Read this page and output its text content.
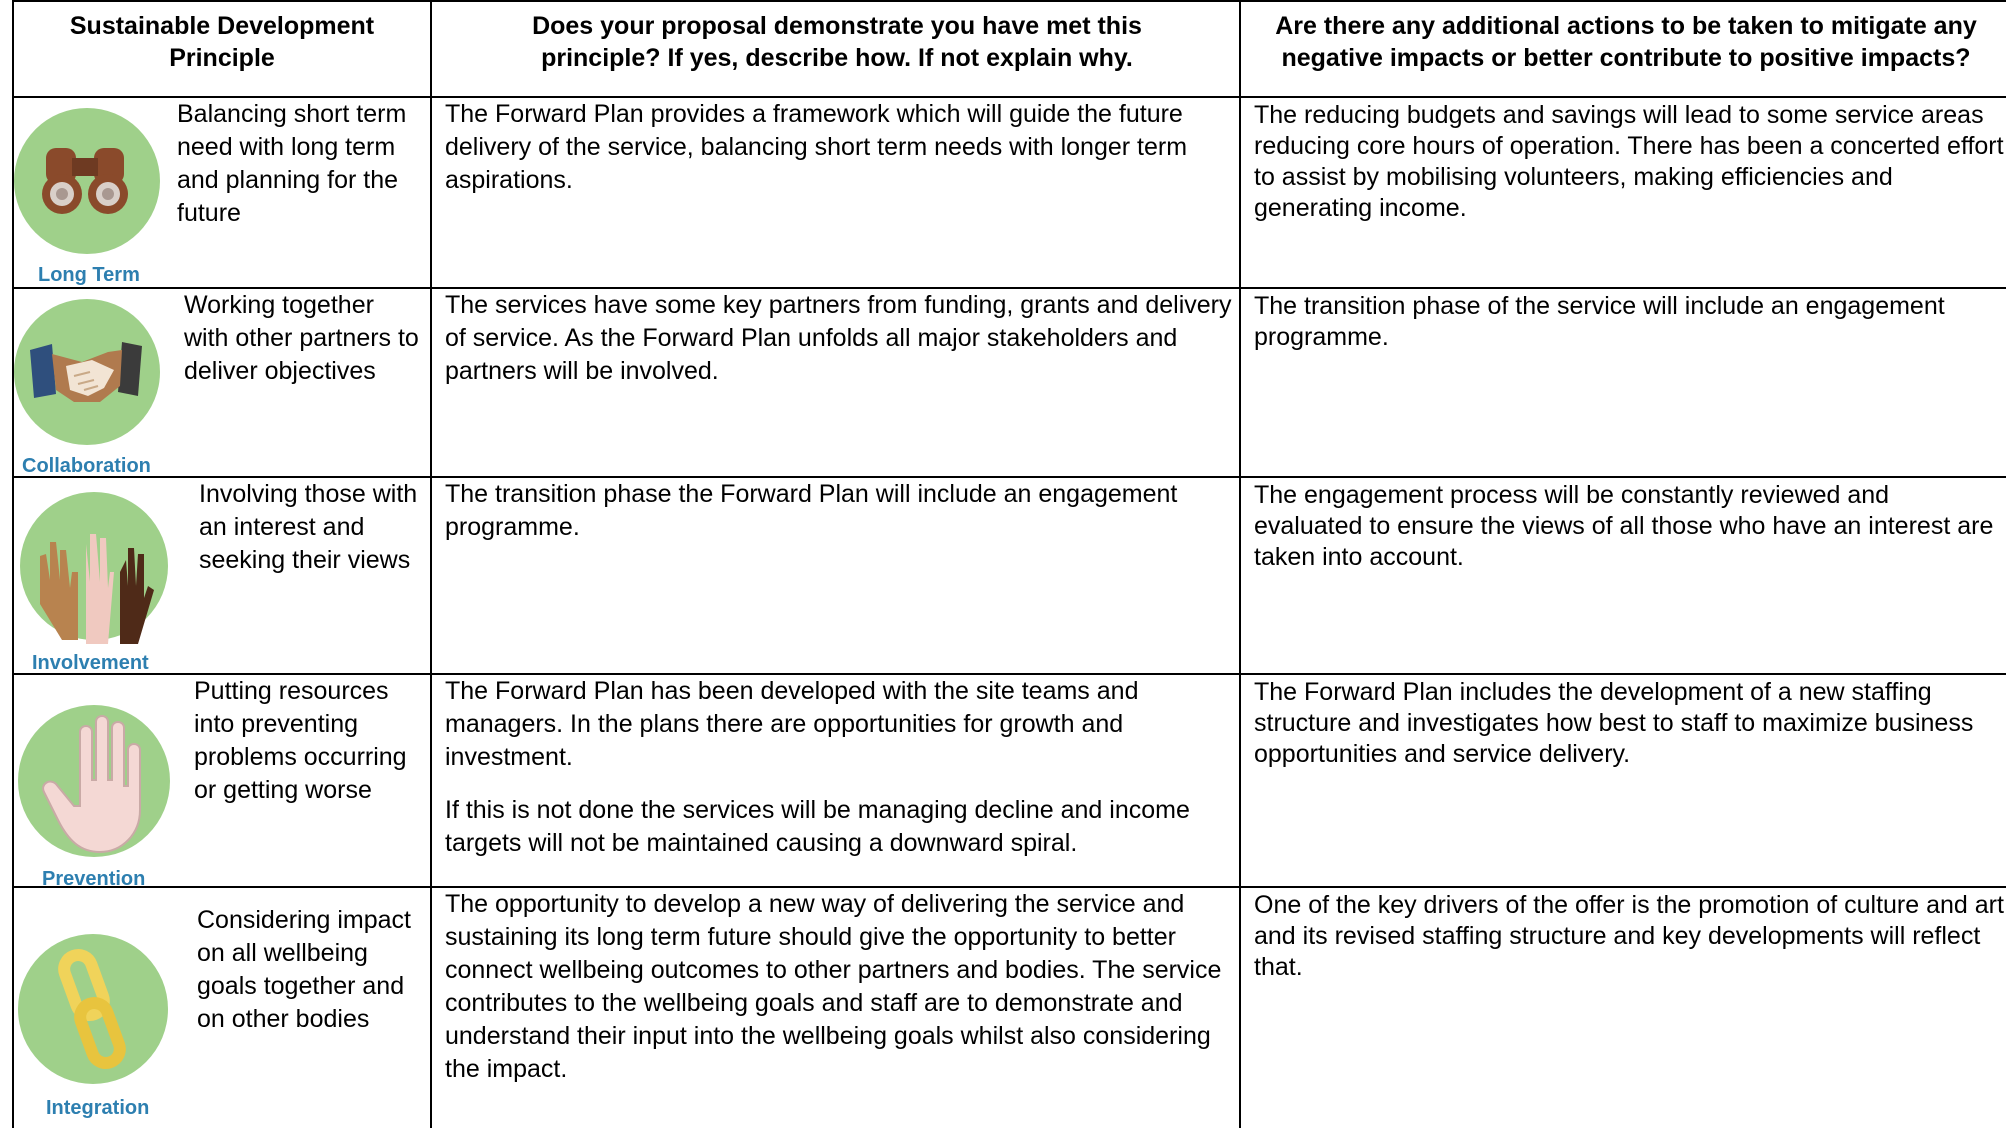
Sustainable Development Principle
Does your proposal demonstrate you have met this principle? If yes, describe how. If not explain why.
Are there any additional actions to be taken to mitigate any negative impacts or better contribute to positive impacts?
Long Term
Balancing short term need with long term and planning for the future

The Forward Plan provides a framework which will guide the future delivery of the service, balancing short term needs with longer term aspirations.

The reducing budgets and savings will lead to some service areas reducing core hours of operation. There has been a concerted effort to assist by mobilising volunteers, making efficiencies and generating income.
Collaboration
Working together with other partners to deliver objectives

The services have some key partners from funding, grants and delivery of service. As the Forward Plan unfolds all major stakeholders and partners will be involved.

The transition phase of the service will include an engagement programme.
Involvement
Involving those with an interest and seeking their views

The transition phase the Forward Plan will include an engagement programme.

The engagement process will be constantly reviewed and evaluated to ensure the views of all those who have an interest are taken into account.
Prevention
Putting resources into preventing problems occurring or getting worse

The Forward Plan has been developed with the site teams and managers. In the plans there are opportunities for growth and investment.

If this is not done the services will be managing decline and income targets will not be maintained causing a downward spiral.

The Forward Plan includes the development of a new staffing structure and investigates how best to staff to maximize business opportunities and service delivery.
Integration
Considering impact on all wellbeing goals together and on other bodies

The opportunity to develop a new way of delivering the service and sustaining its long term future should give the opportunity to better connect wellbeing outcomes to other partners and bodies. The service contributes to the wellbeing goals and staff are to demonstrate and understand their input into the wellbeing goals whilst also considering the impact.

One of the key drivers of the offer is the promotion of culture and art and its revised staffing structure and key developments will reflect that.
